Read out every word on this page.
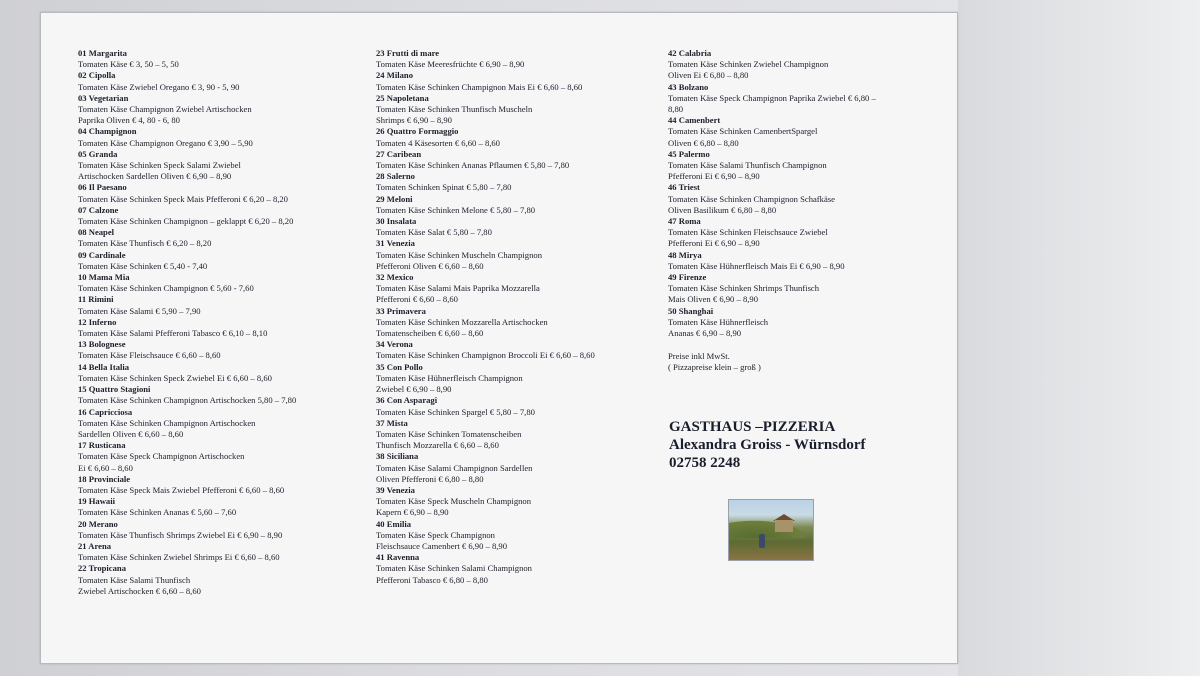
01 Margarita
Tomaten Käse € 3, 50 – 5, 50
02 Cipolla
Tomaten Käse Zwiebel Oregano € 3, 90 - 5, 90
03 Vegetarian
Tomaten Käse Champignon Zwiebel Artischocken
Paprika Oliven € 4, 80 - 6, 80
04 Champignon
Tomaten Käse Champignon Oregano € 3,90 – 5,90
05 Granda
Tomaten Käse Schinken Speck Salami Zwiebel
Artischocken Sardellen Oliven € 6,90 – 8,90
06 Il Paesano
Tomaten Käse Schinken Speck Mais Pfefferoni € 6,20 – 8,20
07 Calzone
Tomaten Käse Schinken Champignon – geklappt € 6,20 – 8,20
08 Neapel
Tomaten Käse Thunfisch € 6,20 – 8,20
09 Cardinale
Tomaten Käse Schinken € 5,40 - 7,40
10 Mama Mia
Tomaten Käse Schinken Champignon € 5,60 - 7,60
11 Rimini
Tomaten Käse Salami € 5,90 – 7,90
12 Inferno
Tomaten Käse Salami Pfefferoni Tabasco € 6,10 – 8,10
13 Bolognese
Tomaten Käse Fleischsauce € 6,60 – 8,60
14 Bella Italia
Tomaten Käse Schinken Speck Zwiebel Ei € 6,60 – 8,60
15 Quattro Stagioni
Tomaten Käse Schinken Champignon Artischocken 5,80 – 7,80
16 Capricciosa
Tomaten Käse Schinken Champignon Artischocken
Sardellen Oliven € 6,60 – 8,60
17 Rusticana
Tomaten Käse Speck Champignon Artischocken
Ei € 6,60 – 8,60
18 Provinciale
Tomaten Käse Speck Mais Zwiebel Pfefferoni € 6,60 – 8,60
19 Hawaii
Tomaten Käse Schinken Ananas € 5,60 – 7,60
20 Merano
Tomaten Käse Thunfisch Shrimps Zwiebel Ei € 6,90 – 8,90
21 Arena
Tomaten Käse Schinken Zwiebel Shrimps Ei € 6,60 – 8,60
22 Tropicana
Tomaten Käse Salami Thunfisch
Zwiebel Artischocken € 6,60 – 8,60
23 Frutti di mare
Tomaten Käse Meeresfrüchte € 6,90 – 8,90
24 Milano
Tomaten Käse Schinken Champignon Mais Ei € 6,60 – 8,60
25 Napoletana
Tomaten Käse Schinken Thunfisch Muscheln
Shrimps € 6,90 – 8,90
26 Quattro Formaggio
Tomaten 4 Käsesorten € 6,60 – 8,60
27 Caribean
Tomaten Käse Schinken Ananas Pflaumen € 5,80 – 7,80
28 Salerno
Tomaten Schinken Spinat € 5,80 – 7,80
29 Meloni
Tomaten Käse Schinken Melone € 5,80 – 7,80
30 Insalata
Tomaten Käse Salat € 5,80 – 7,80
31 Venezia
Tomaten Käse Schinken Muscheln Champignon
Pfefferoni Oliven € 6,60 – 8,60
32 Mexico
Tomaten Käse Salami Mais Paprika Mozzarella
Pfefferoni € 6,60 – 8,60
33 Primavera
Tomaten Käse Schinken Mozzarella Artischocken
Tomatenscheiben € 6,60 – 8,60
34 Verona
Tomaten Käse Schinken Champignon Broccoli Ei € 6,60 – 8,60
35 Con Pollo
Tomaten Käse Hühnerfleisch Champignon
Zwiebel € 6,90 – 8,90
36 Con Asparagi
Tomaten Käse Schinken Spargel € 5,80 – 7,80
37 Mista
Tomaten Käse Schinken Tomatenscheiben
Thunfisch Mozzarella € 6,60 – 8,60
38 Siciliana
Tomaten Käse Salami Champignon Sardellen
Oliven Pfefferoni € 6,80 – 8,80
39 Venezia
Tomaten Käse Speck Muscheln Champignon
Kapern € 6,90 – 8,90
40 Emilia
Tomaten Käse Speck Champignon
Fleischsauce Camenbert € 6,90 – 8,90
41 Ravenna
Tomaten Käse Schinken Salami Champignon
Pfefferoni Tabasco € 6,80 – 8,80
42 Calabria
Tomaten Käse Schinken Zwiebel Champignon
Oliven Ei € 6,80 – 8,80
43 Bolzano
Tomaten Käse Speck Champignon Paprika Zwiebel € 6,80 –
8,80
44 Camenbert
Tomaten Käse Schinken CamenbertSpargel
Oliven € 6,80 – 8,80
45 Palermo
Tomaten Käse Salami Thunfisch Champignon
Pfefferoni Ei € 6,90 – 8,90
46 Triest
Tomaten Käse Schinken Champignon Schafkäse
Oliven Basilikum € 6,80 – 8,80
47 Roma
Tomaten Käse Schinken Fleischsauce Zwiebel
Pfefferoni Ei € 6,90 – 8,90
48 Mirya
Tomaten Käse Hühnerfleisch Mais Ei € 6,90 – 8,90
49 Firenze
Tomaten Käse Schinken Shrimps Thunfisch
Mais Oliven € 6,90 – 8,90
50 Shanghai
Tomaten Käse Hühnerfleisch
Ananas € 6,90 – 8,90
Preise inkl MwSt.
( Pizzapreise klein – groß )
GASTHAUS –PIZZERIA
Alexandra Groiss - Würnsdorf
02758 2248
